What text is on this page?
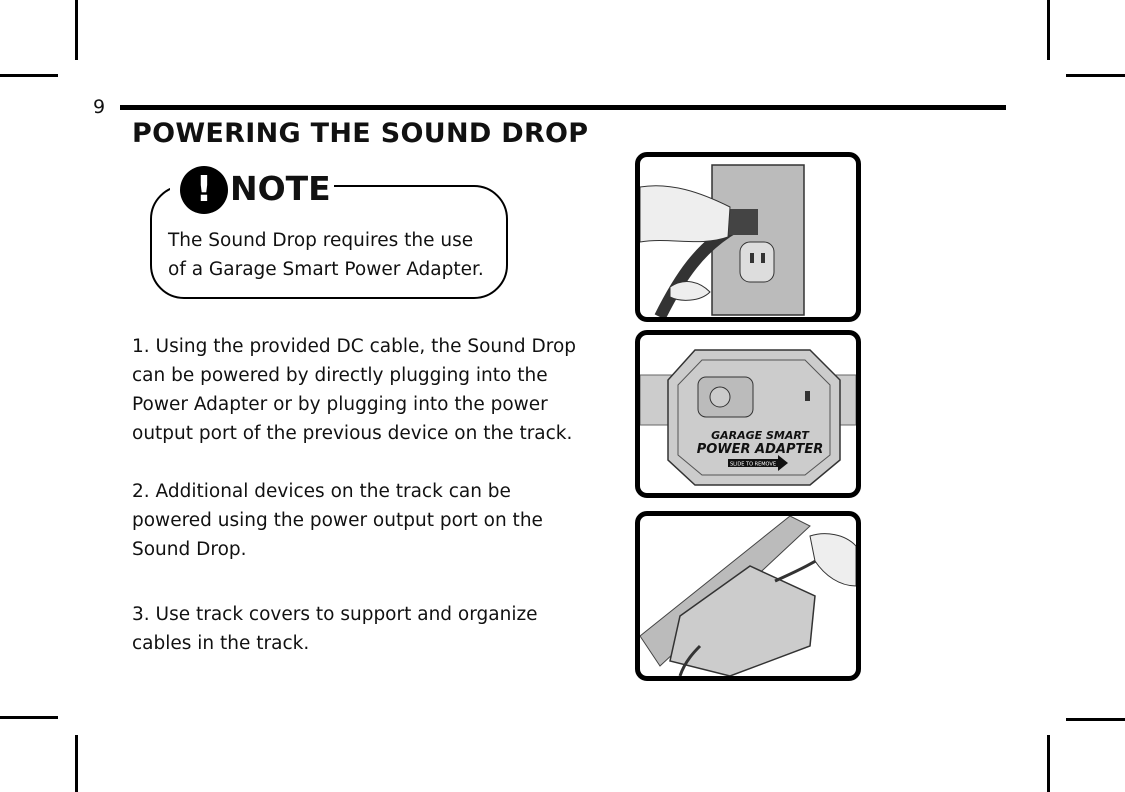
9
POWERING THE SOUND DROP
! NOTE
The Sound Drop requires the use
of a Garage Smart Power Adapter.

1. Using the provided DC cable, the Sound Drop can be powered by directly plugging into the Power Adapter or by plugging into the power output port of the previous device on the track.

2. Additional devices on the track can be powered using the power output port on the Sound Drop.

3. Use track covers to support and organize cables in the track.

GARAGE SMART
POWER ADAPTER
SLIDE TO REMOVE
